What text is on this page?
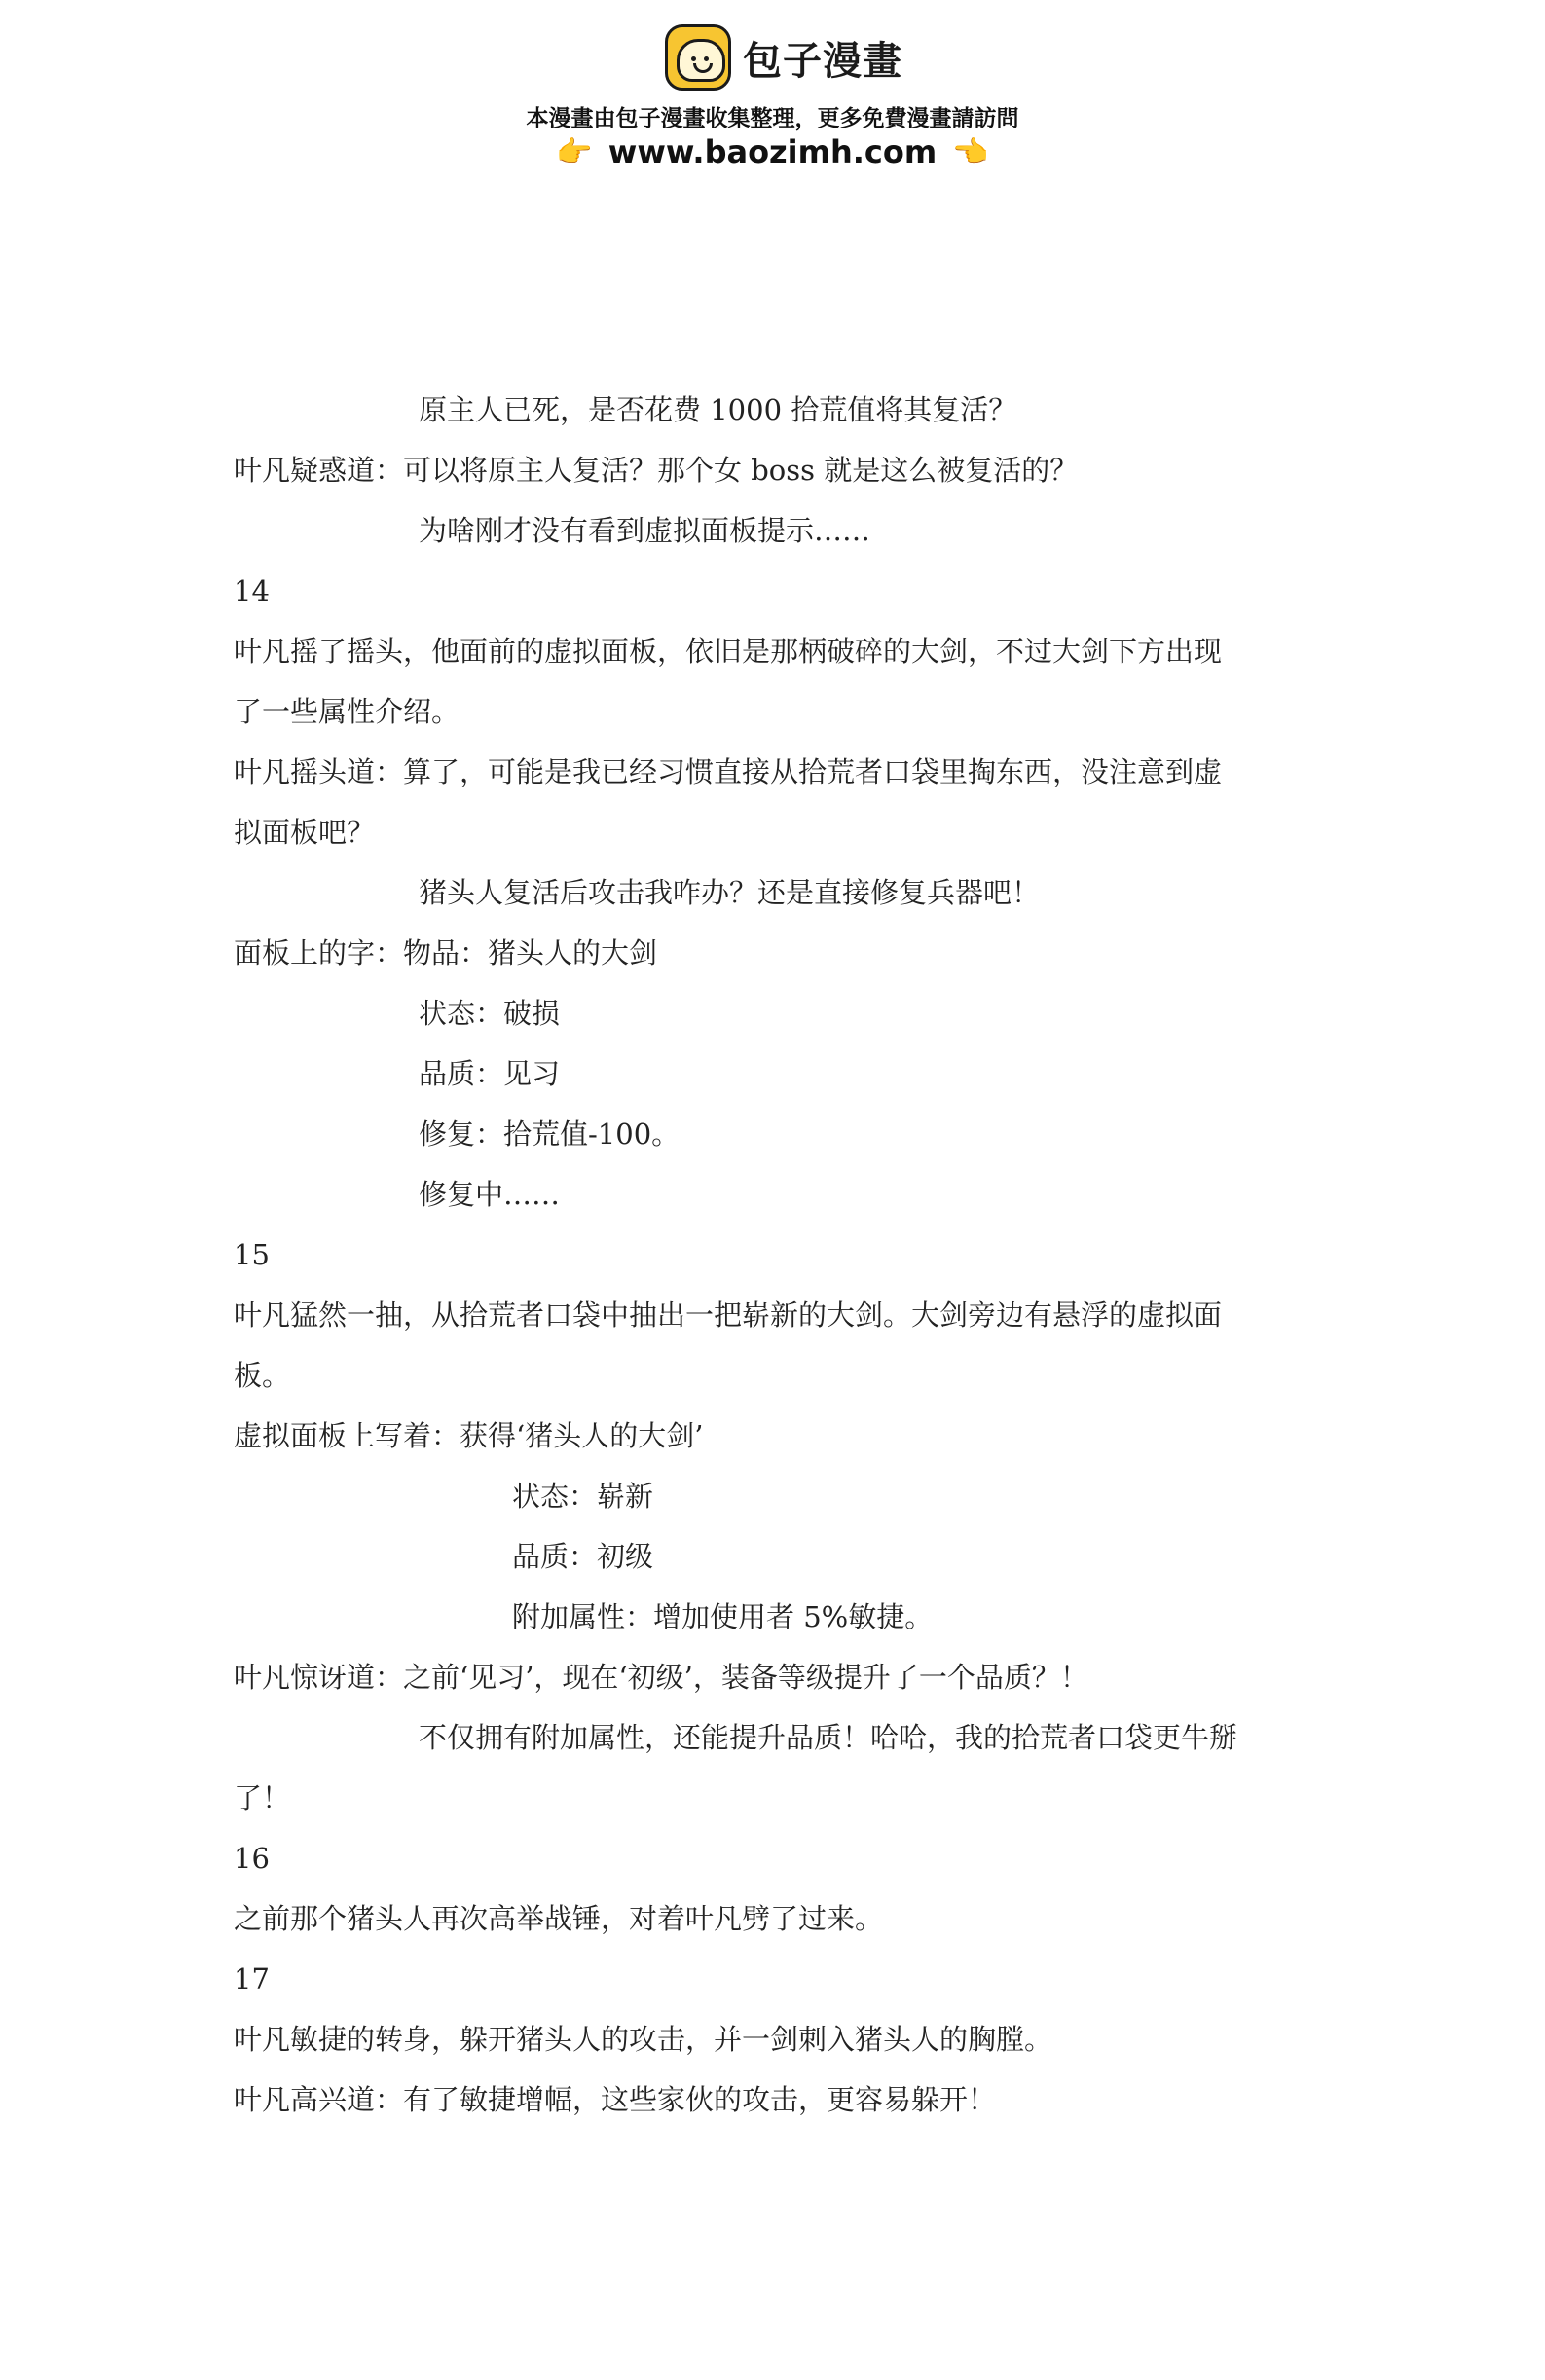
包子漫畫
本漫畫由包子漫畫收集整理，更多免費漫畫請訪問
👉 www.baozimh.com 👈
原主人已死，是否花费 1000 拾荒值将其复活？
叶凡疑惑道：可以将原主人复活？那个女 boss 就是这么被复活的？
为啥刚才没有看到虚拟面板提示……
14
叶凡摇了摇头，他面前的虚拟面板，依旧是那柄破碎的大剑，不过大剑下方出现
了一些属性介绍。
叶凡摇头道：算了，可能是我已经习惯直接从拾荒者口袋里掏东西，没注意到虚
拟面板吧？
猪头人复活后攻击我咋办？还是直接修复兵器吧！
面板上的字：物品：猪头人的大剑
状态：破损
品质：见习
修复：拾荒值-100。
修复中……
15
叶凡猛然一抽，从拾荒者口袋中抽出一把崭新的大剑。大剑旁边有悬浮的虚拟面
板。
虚拟面板上写着：获得‘猪头人的大剑’
状态：崭新
品质：初级
附加属性：增加使用者 5%敏捷。
叶凡惊讶道：之前‘见习’，现在‘初级’，装备等级提升了一个品质？！
不仅拥有附加属性，还能提升品质！哈哈，我的拾荒者口袋更牛掰
了！
16
之前那个猪头人再次高举战锤，对着叶凡劈了过来。
17
叶凡敏捷的转身，躲开猪头人的攻击，并一剑刺入猪头人的胸膛。
叶凡高兴道：有了敏捷增幅，这些家伙的攻击，更容易躲开！
